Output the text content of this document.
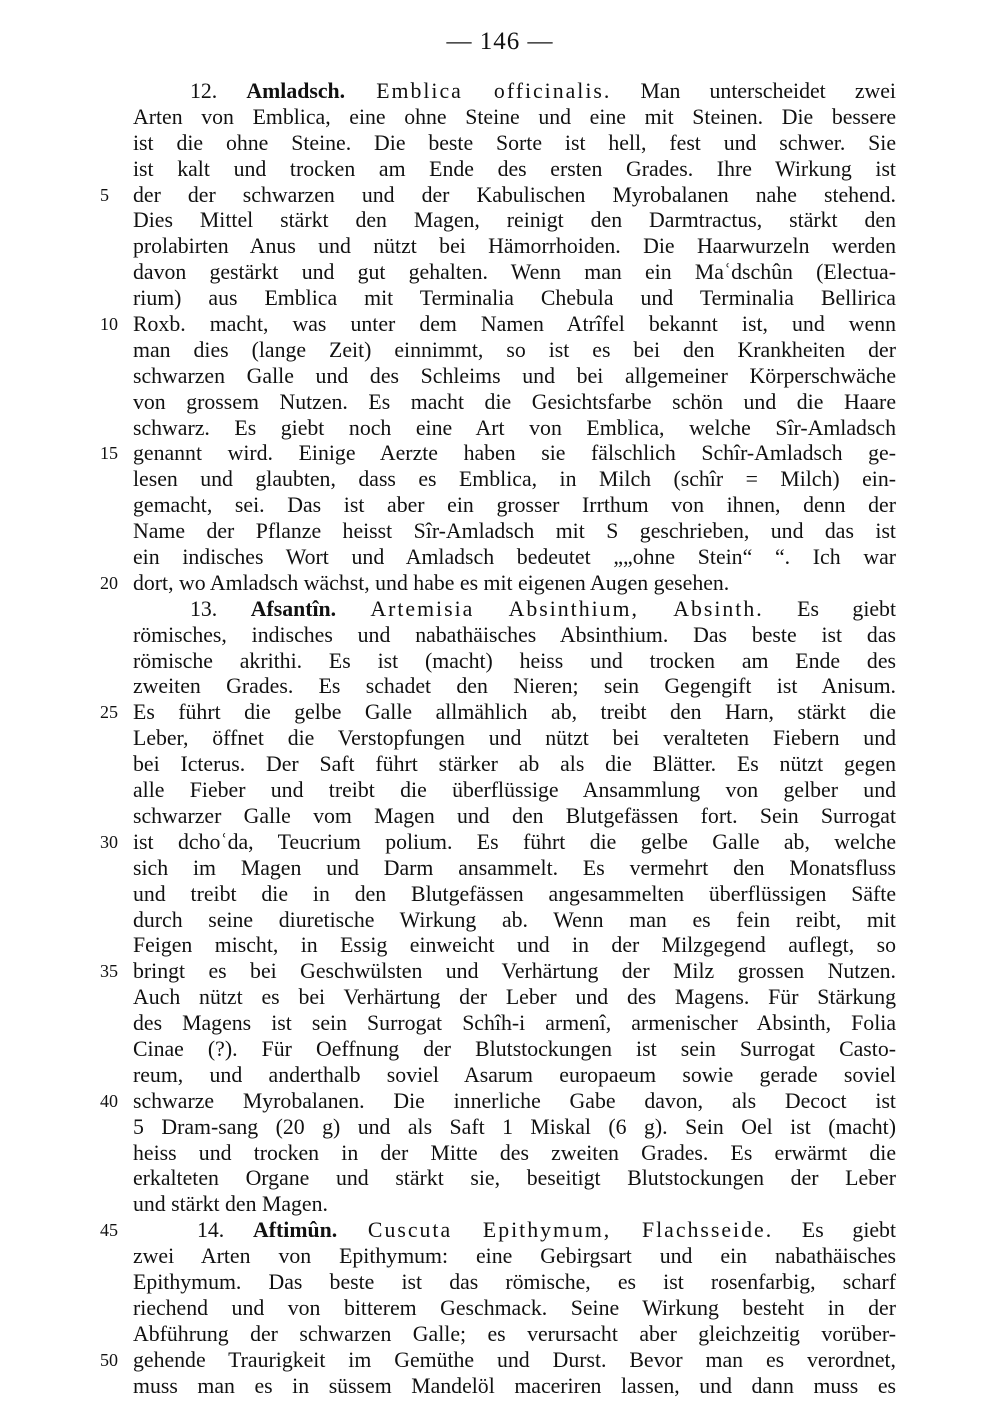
— 146 —
12. Amladsch. Emblica officinalis. Man unterscheidet zwei
Arten von Emblica, eine ohne Steine und eine mit Steinen. Die bessere
ist die ohne Steine. Die beste Sorte ist hell, fest und schwer. Sie
ist kalt und trocken am Ende des ersten Grades. Ihre Wirkung ist
5	der der schwarzen und der Kabulischen Myrobalanen nahe stehend.
Dies Mittel stärkt den Magen, reinigt den Darmtractus, stärkt den
prolabirten Anus und nützt bei Hämorrhoiden. Die Haarwurzeln werden
davon gestärkt und gut gehalten. Wenn man ein Maʿdschûn (Electua-
rium) aus Emblica mit Terminalia Chebula und Terminalia Bellirica
10 Roxb. macht, was unter dem Namen Atrîfel bekannt ist, und wenn
man dies (lange Zeit) einnimmt, so ist es bei den Krankheiten der
schwarzen Galle und des Schleims und bei allgemeiner Körperschwäche
von grossem Nutzen. Es macht die Gesichtsfarbe schön und die Haare
schwarz. Es giebt noch eine Art von Emblica, welche Sîr-Amladsch
15 genannt wird. Einige Aerzte haben sie fälschlich Schîr-Amladsch ge-
lesen und glaubten, dass es Emblica, in Milch (schîr = Milch) ein-
gemacht, sei. Das ist aber ein grosser Irrthum von ihnen, denn der
Name der Pflanze heisst Sîr-Amladsch mit S geschrieben, und das ist
ein indisches Wort und Amladsch bedeutet „„ohne Stein“ “. Ich war
20 dort, wo Amladsch wächst, und habe es mit eigenen Augen gesehen.
13. Afsantîn. Artemisia Absinthium, Absinth. Es giebt
römisches, indisches und nabathäisches Absinthium. Das beste ist das
römische akrithi. Es ist (macht) heiss und trocken am Ende des
zweiten Grades. Es schadet den Nieren; sein Gegengift ist Anisum.
25 Es führt die gelbe Galle allmählich ab, treibt den Harn, stärkt die
Leber, öffnet die Verstopfungen und nützt bei veralteten Fiebern und
bei Icterus. Der Saft führt stärker ab als die Blätter. Es nützt gegen
alle Fieber und treibt die überflüssige Ansammlung von gelber und
schwarzer Galle vom Magen und den Blutgefässen fort. Sein Surrogat
30 ist dchoʿda, Teucrium polium. Es führt die gelbe Galle ab, welche
sich im Magen und Darm ansammelt. Es vermehrt den Monatsfluss
und treibt die in den Blutgefässen angesammelten überflüssigen Säfte
durch seine diuretische Wirkung ab. Wenn man es fein reibt, mit
Feigen mischt, in Essig einweicht und in der Milzgegend auflegt, so
35 bringt es bei Geschwülsten und Verhärtung der Milz grossen Nutzen.
Auch nützt es bei Verhärtung der Leber und des Magens. Für Stärkung
des Magens ist sein Surrogat Schîh-i armenî, armenischer Absinth, Folia
Cinae (?). Für Oeffnung der Blutstockungen ist sein Surrogat Casto-
reum, und anderthalb soviel Asarum europaeum sowie gerade soviel
40 schwarze Myrobalanen. Die innerliche Gabe davon, als Decoct ist
5 Dram-sang (20 g) und als Saft 1 Miskal (6 g). Sein Oel ist (macht)
heiss und trocken in der Mitte des zweiten Grades. Es erwärmt die
erkalteten Organe und stärkt sie, beseitigt Blutstockungen der Leber
und stärkt den Magen.
45	14. Aftimûn. Cuscuta Epithymum, Flachsseide. Es giebt
zwei Arten von Epithymum: eine Gebirgsart und ein nabathäisches
Epithymum. Das beste ist das römische, es ist rosenfarbig, scharf
riechend und von bitterem Geschmack. Seine Wirkung besteht in der
Abführung der schwarzen Galle; es verursacht aber gleichzeitig vorüber-
50 gehende Traurigkeit im Gemüthe und Durst. Bevor man es verordnet,
muss man es in süssem Mandelöl maceriren lassen, und dann muss es
